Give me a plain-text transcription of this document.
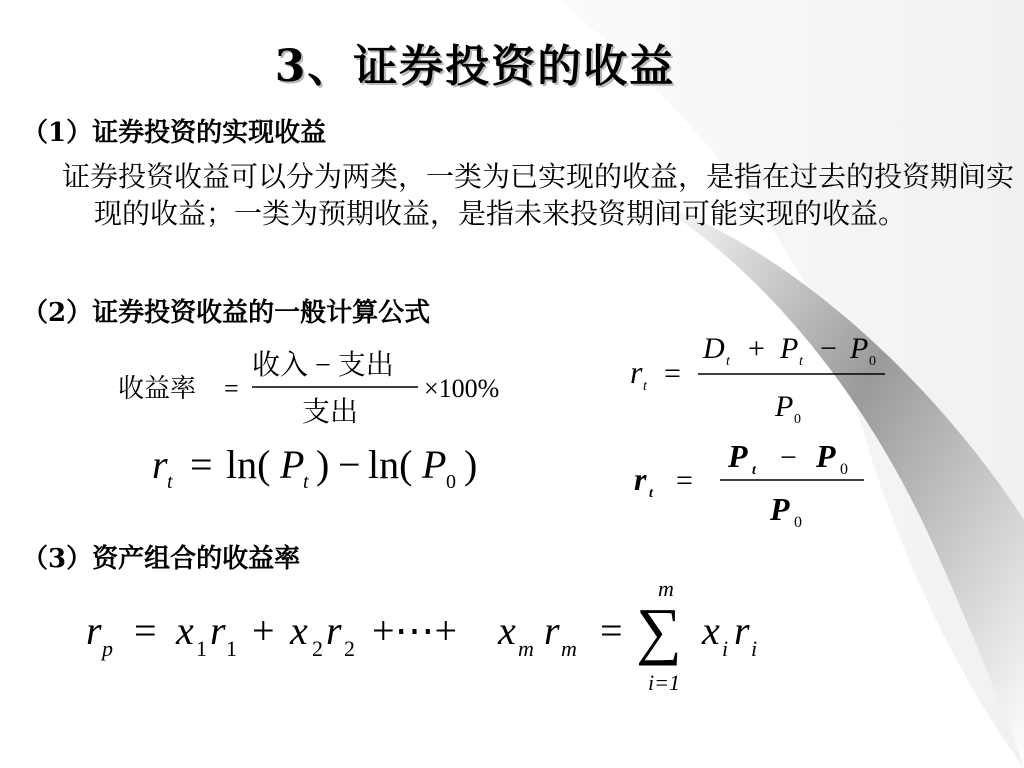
3、证券投资的收益
（1）证券投资的实现收益
证券投资收益可以分为两类，一类为已实现的收益，是指在过去的投资期间实现的收益；一类为预期收益，是指未来投资期间可能实现的收益。
（2）证券投资收益的一般计算公式
收益率 =
收入 − 支出
支出
×100%	r t =
D t + P t − P 0
P 0
r t = ln( P
t ) − ln( P 0 )	r t =
P t − P 0
P 0
r p = x 1 r 1 + x 2 r 2 +⋯+ x m r m = ∑
m
i=1
x i r i
（3）资产组合的收益率
